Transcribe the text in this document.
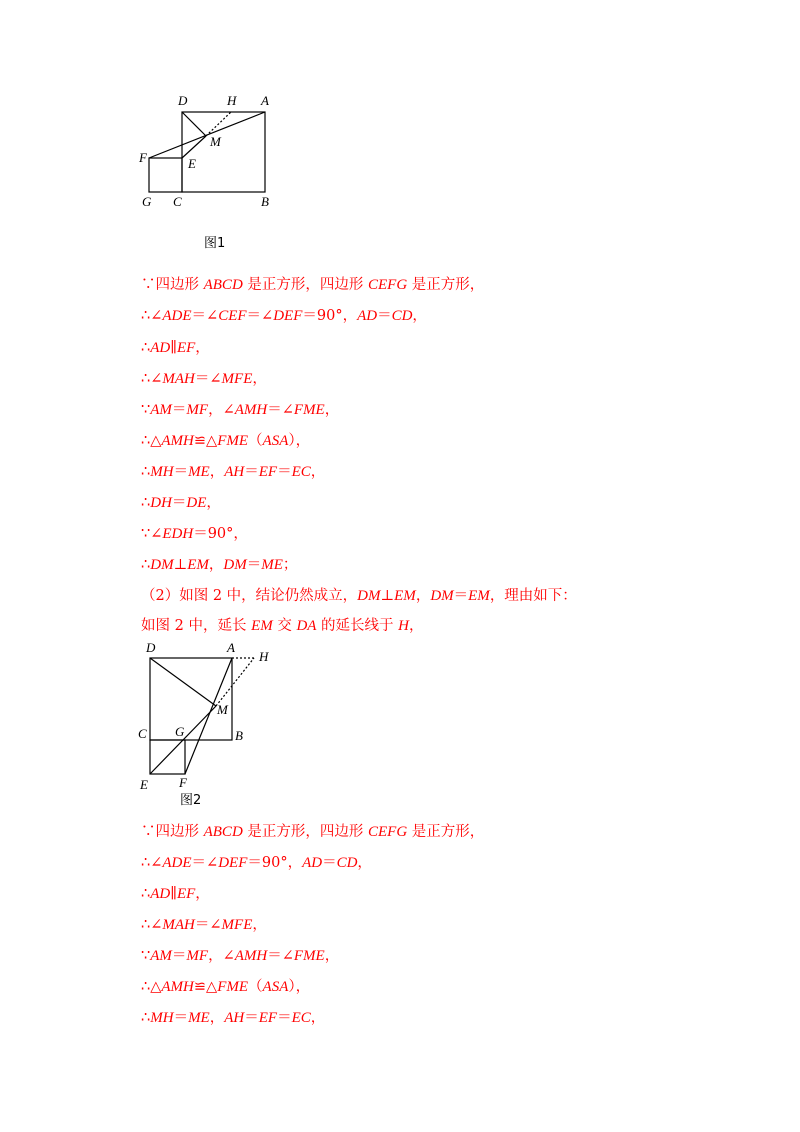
D	H A
M
F	E
G C	B
图1
∵四边形 ABCD 是正方形，四边形 CEFG 是正方形，
∴∠ADE＝∠CEF＝∠DEF＝90°，AD＝CD，
∴AD∥EF，
∴∠MAH＝∠MFE，
∵AM＝MF，∠AMH＝∠FME，
∴△AMH≌△FME（ASA），
∴MH＝ME，AH＝EF＝EC，
∴DH＝DE，
∵∠EDH＝90°，
∴DM⊥EM，DM＝ME；
（2）如图 2 中，结论仍然成立，DM⊥EM，DM＝EM，理由如下：
如图 2 中，延长 EM 交 DA 的延长线于 H，
D	A
H
M
C G	B
E F
图2
∵四边形 ABCD 是正方形，四边形 CEFG 是正方形，
∴∠ADE＝∠DEF＝90°，AD＝CD，
∴AD∥EF，
∴∠MAH＝∠MFE，
∵AM＝MF，∠AMH＝∠FME，
∴△AMH≌△FME（ASA），
∴MH＝ME，AH＝EF＝EC，
